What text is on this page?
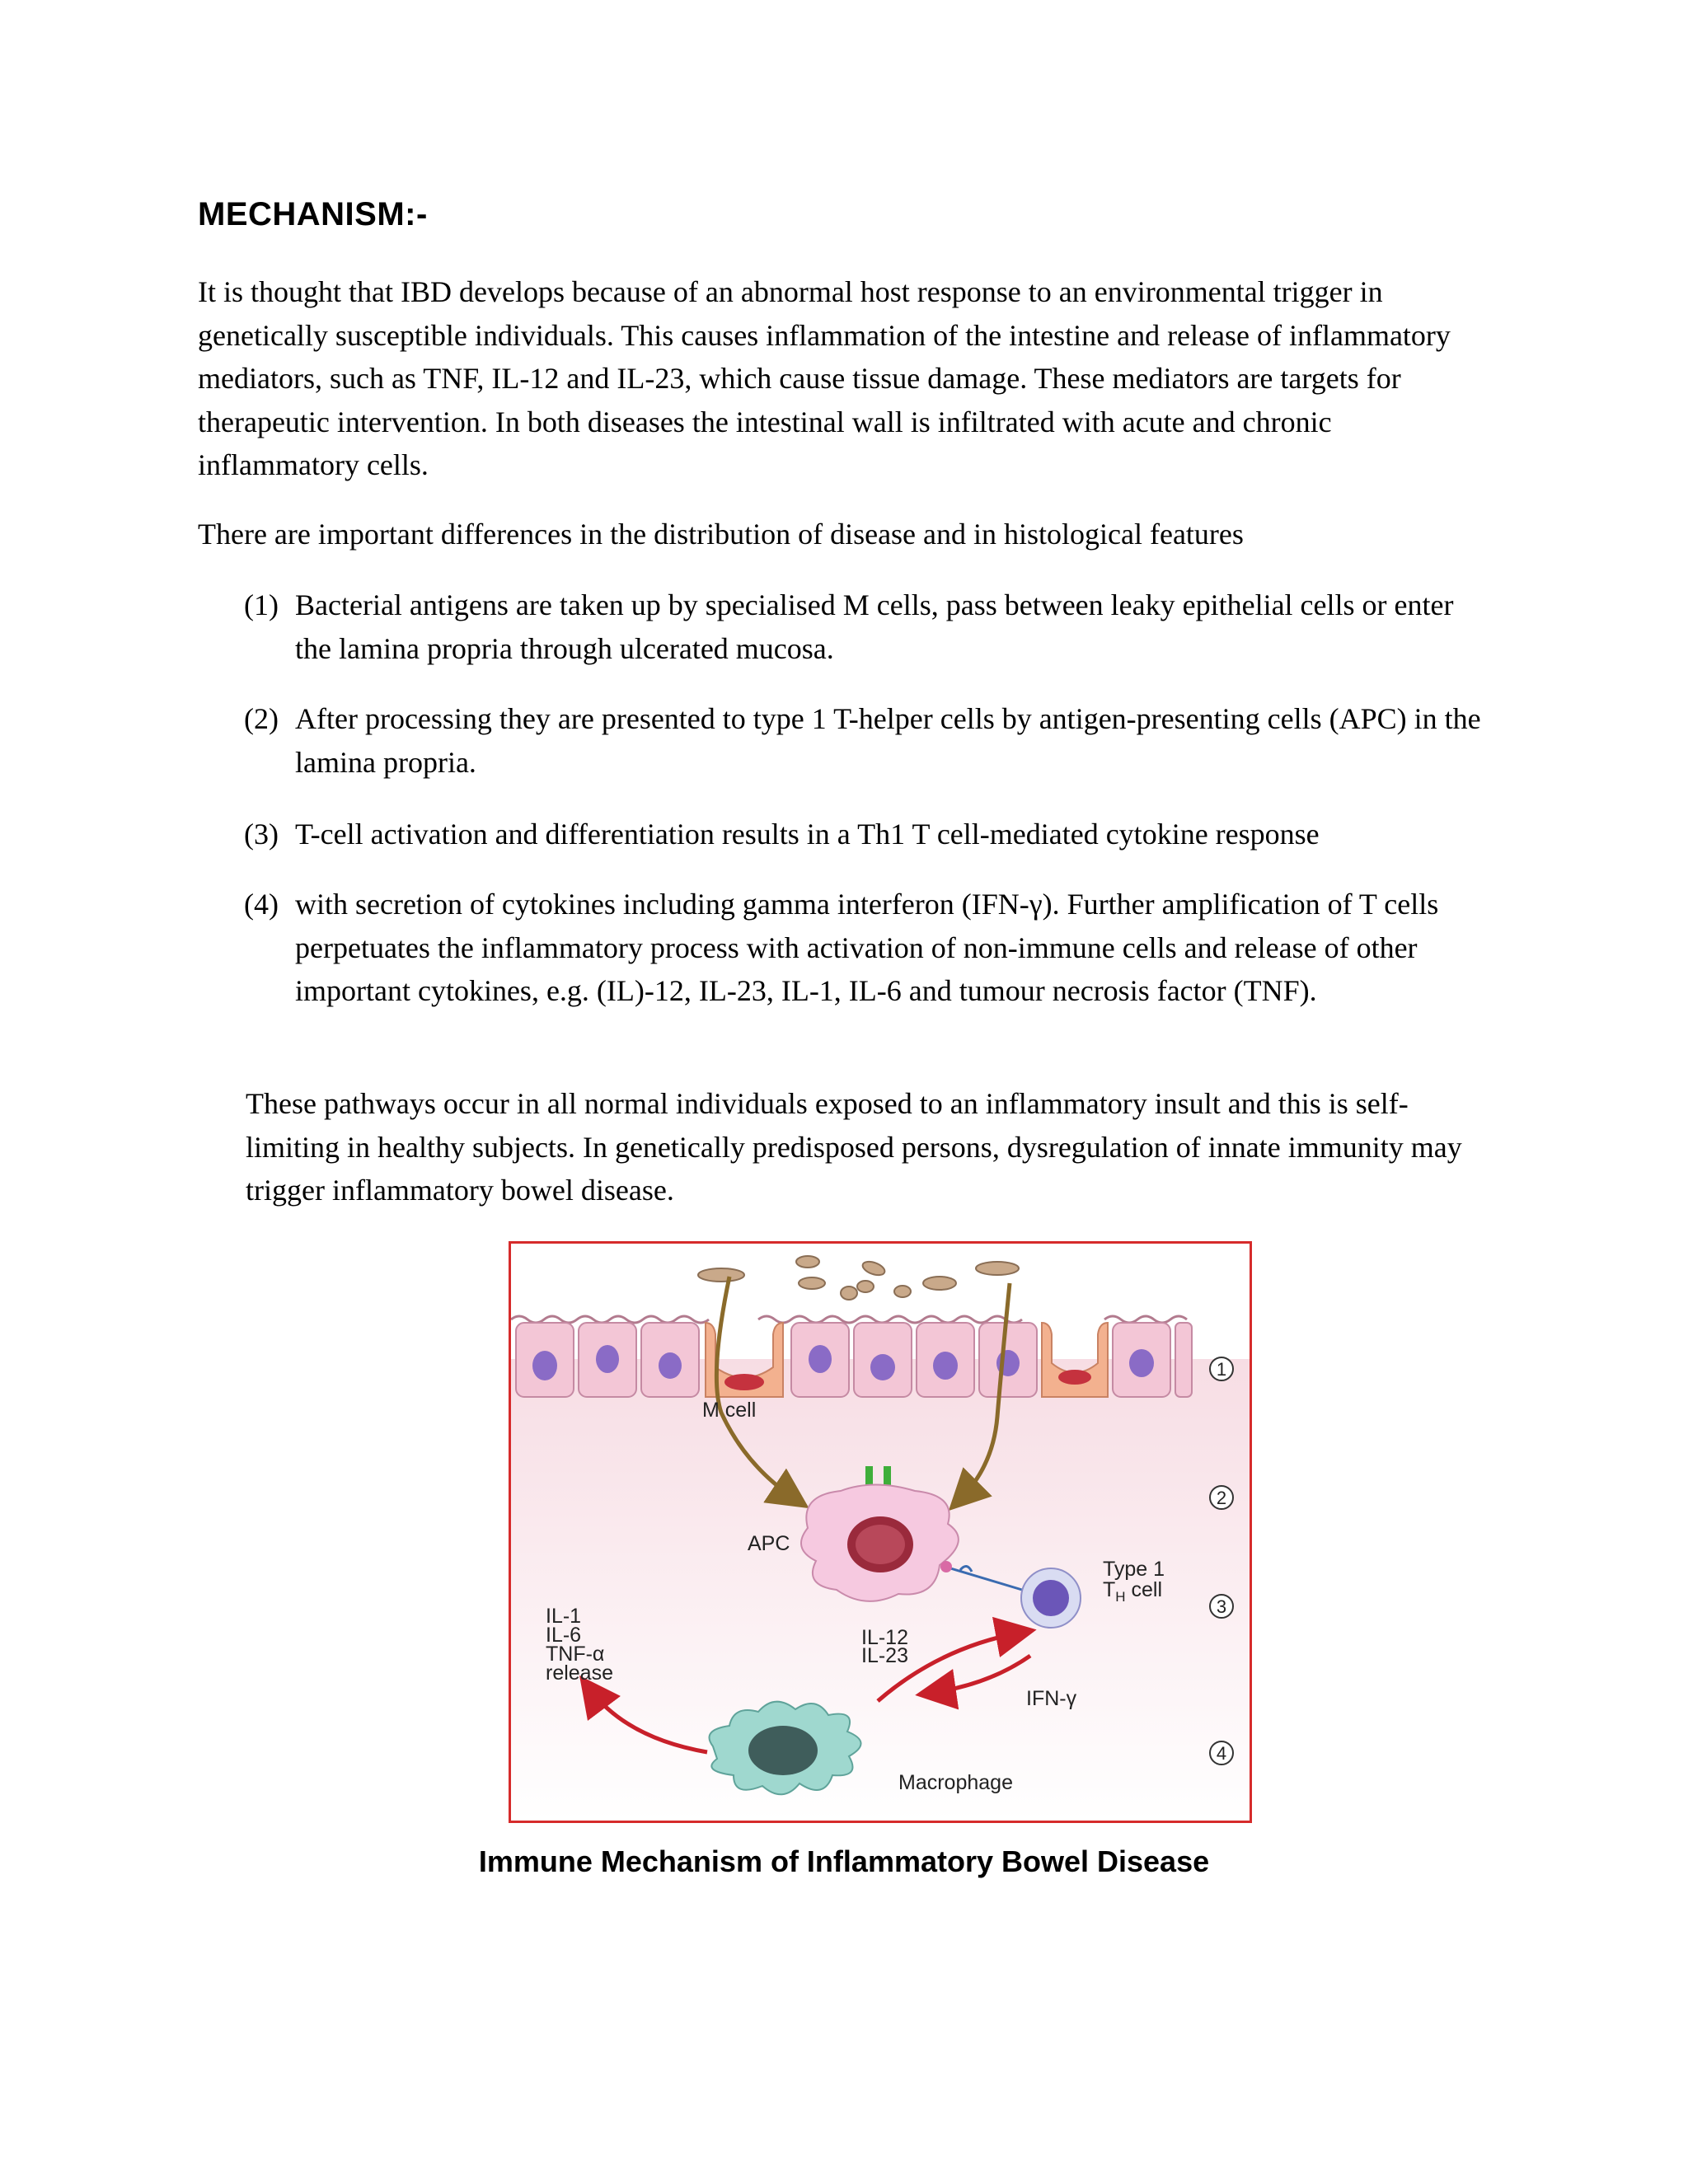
MECHANISM:-

It is thought that IBD develops because of an abnormal host response to an environmental trigger in genetically susceptible individuals. This causes inflammation of the intestine and release of inflammatory mediators, such as TNF, IL-12 and IL-23, which cause tissue damage. These mediators are targets for therapeutic intervention. In both diseases the intestinal wall is infiltrated with acute and chronic inflammatory cells.

There are important differences in the distribution of disease and in histological features

(1) Bacterial antigens are taken up by specialised M cells, pass between leaky epithelial cells or enter the lamina propria through ulcerated mucosa.
(2) After processing they are presented to type 1 T-helper cells by antigen-presenting cells (APC) in the lamina propria.
(3) T-cell activation and differentiation results in a Th1 T cell-mediated cytokine response
(4) with secretion of cytokines including gamma interferon (IFN-γ). Further amplification of T cells perpetuates the inflammatory process with activation of non-immune cells and release of other important cytokines, e.g. (IL)-12, IL-23, IL-1, IL-6 and tumour necrosis factor (TNF).

These pathways occur in all normal individuals exposed to an inflammatory insult and this is self-limiting in healthy subjects. In genetically predisposed persons, dysregulation of innate immunity may trigger inflammatory bowel disease.

M cell
APC
Type 1
$T_H$ cell
IL-1
IL-6
TNF-α
release
IL-12
IL-23
IFN-γ
Macrophage
1
2
3
4
Immune Mechanism of Inflammatory Bowel Disease
